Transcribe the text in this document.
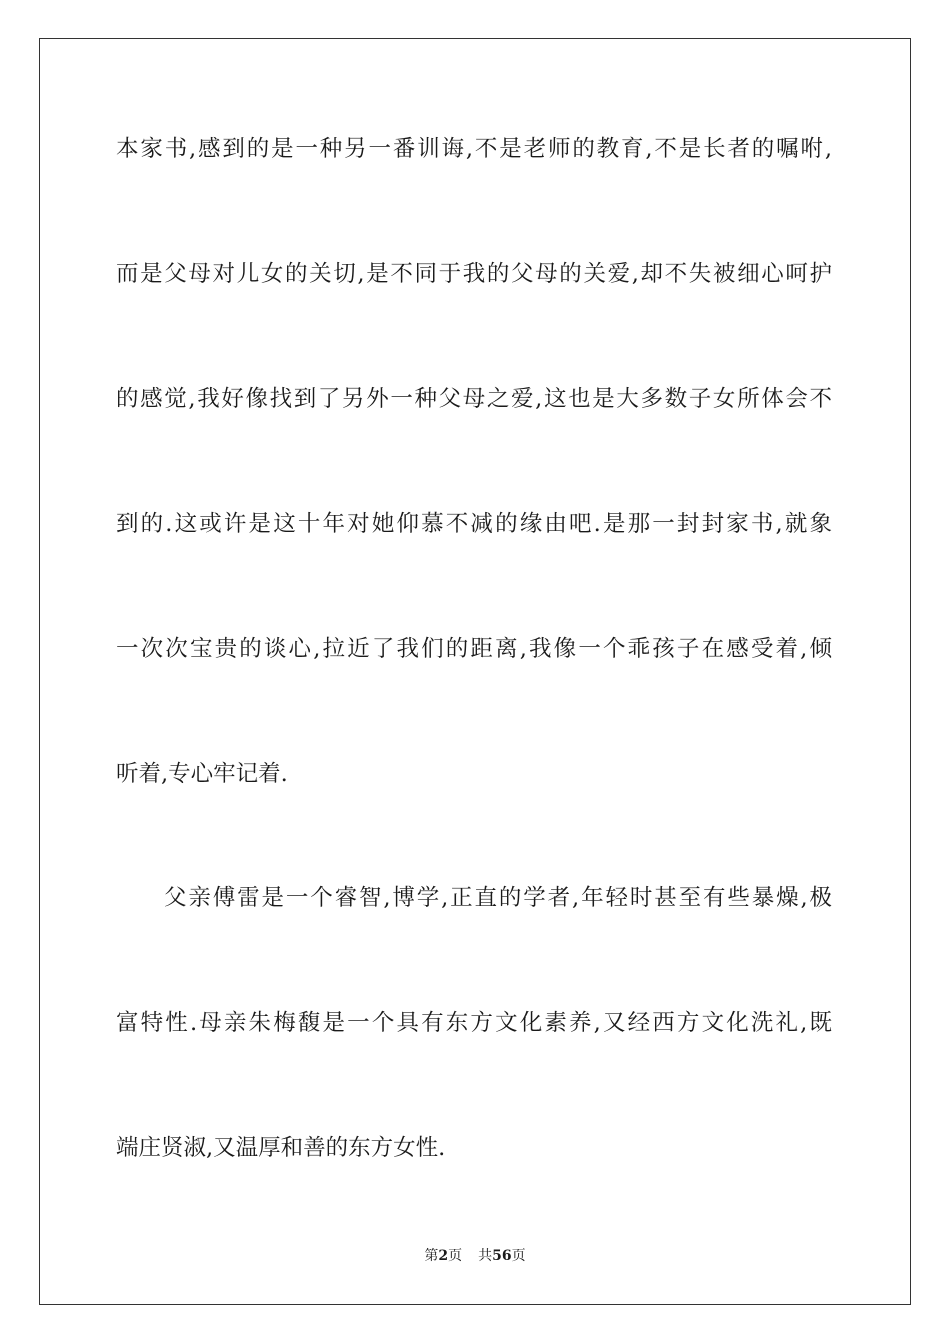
本家书,感到的是一种另一番训诲,不是老师的教育,不是长者的嘱咐,
而是父母对儿女的关切,是不同于我的父母的关爱,却不失被细心呵护
的感觉,我好像找到了另外一种父母之爱,这也是大多数子女所体会不
到的.这或许是这十年对她仰慕不减的缘由吧.是那一封封家书,就象
一次次宝贵的谈心,拉近了我们的距离,我像一个乖孩子在感受着,倾
听着,专心牢记着.
父亲傅雷是一个睿智,博学,正直的学者,年轻时甚至有些暴燥,极
富特性.母亲朱梅馥是一个具有东方文化素养,又经西方文化洗礼,既
端庄贤淑,又温厚和善的东方女性.
第2页 共56页
